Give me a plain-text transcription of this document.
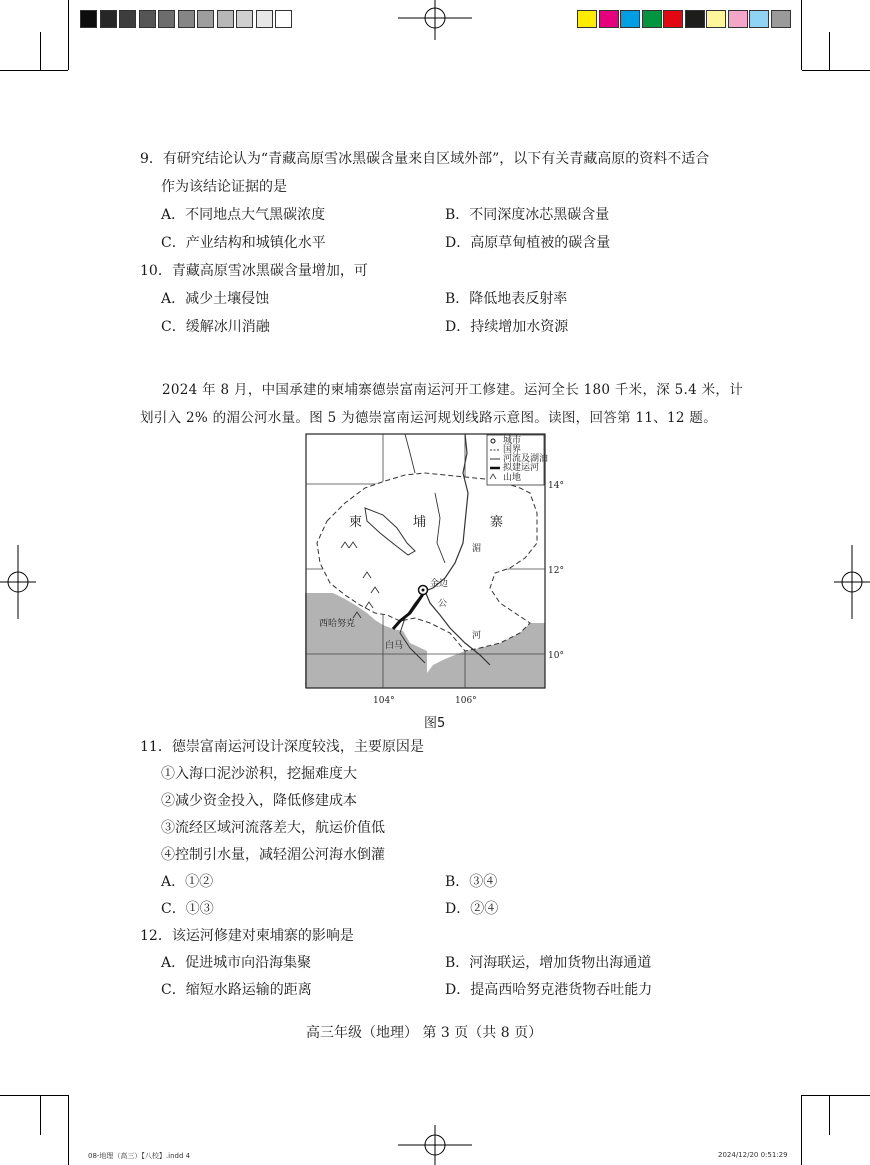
9．有研究结论认为“青藏高原雪冰黑碳含量来自区域外部”，以下有关青藏高原的资料不适合
作为该结论证据的是
A．不同地点大气黑碳浓度	B．不同深度冰芯黑碳含量
C．产业结构和城镇化水平	D．高原草甸植被的碳含量
10．青藏高原雪冰黑碳含量增加，可
A．减少土壤侵蚀	B．降低地表反射率
C．缓解冰川消融	D．持续增加水资源
2024 年 8 月，中国承建的柬埔寨德崇富南运河开工修建。运河全长 180 千米，深 5.4 米，计
划引入 2% 的湄公河水量。图 5 为德崇富南运河规划线路示意图。读图，回答第 11、12 题。
城市
国界
河流及湖泊
拟建运河
山地
柬	埔	寨
湄
公
河
金边
西哈努克
白马
14°
12°
10°
104°	106°
图5
11．德崇富南运河设计深度较浅，主要原因是
①入海口泥沙淤积，挖掘难度大
②减少资金投入，降低修建成本
③流经区域河流落差大，航运价值低
④控制引水量，减轻湄公河海水倒灌
A．①②	B．③④
C．①③	D．②④
12．该运河修建对柬埔寨的影响是
A．促进城市向沿海集聚	B．河海联运，增加货物出海通道
C．缩短水路运输的距离	D．提高西哈努克港货物吞吐能力
高三年级（地理） 第 3 页（共 8 页）
08-地理（高三）【八校】.indd 4	2024/12/20 0:51:29
